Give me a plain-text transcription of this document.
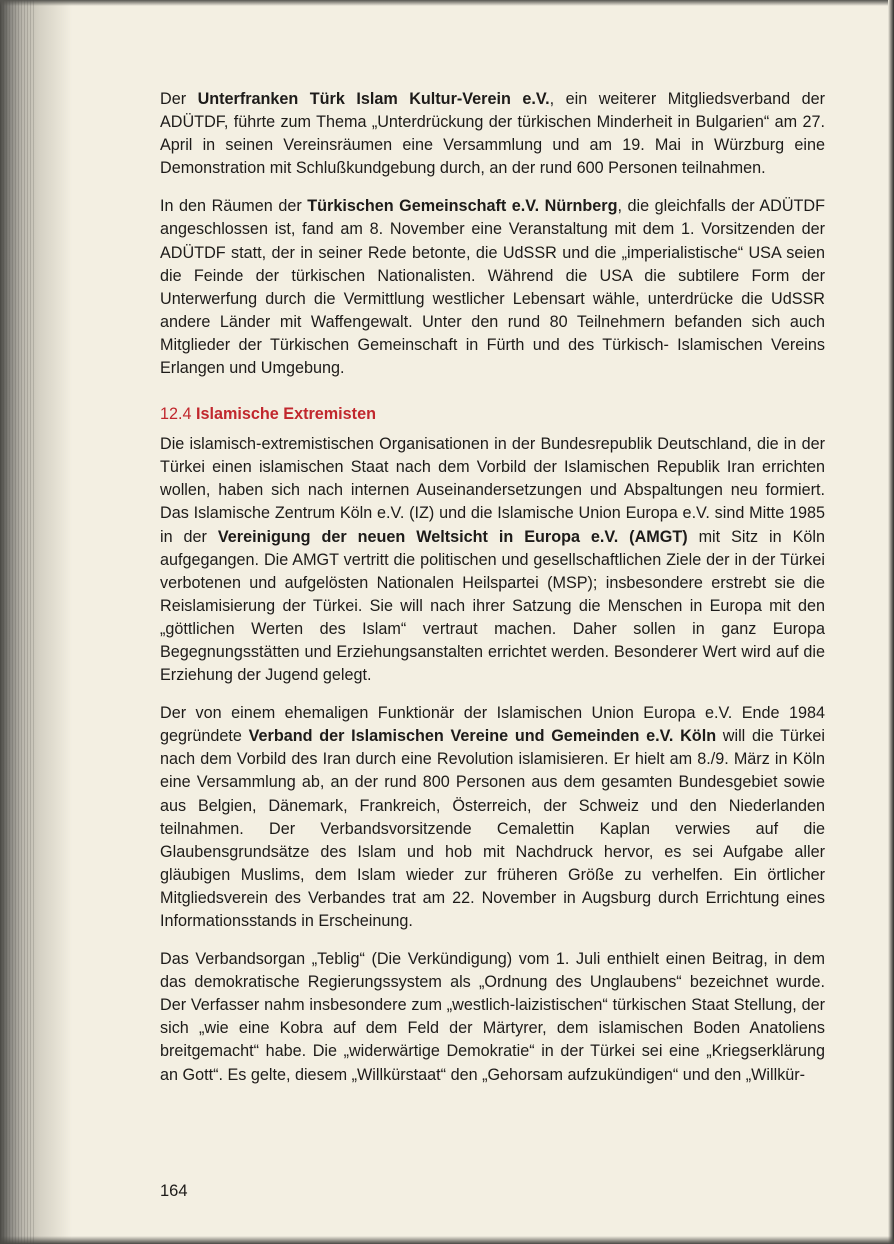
Der Unterfranken Türk Islam Kultur-Verein e.V., ein weiterer Mitgliedsverband der ADÜTDF, führte zum Thema „Unterdrückung der türkischen Minderheit in Bulgarien“ am 27. April in seinen Vereinsräumen eine Versammlung und am 19. Mai in Würzburg eine Demonstration mit Schlußkundgebung durch, an der rund 600 Personen teilnahmen.

In den Räumen der Türkischen Gemeinschaft e.V. Nürnberg, die gleichfalls der ADÜTDF angeschlossen ist, fand am 8. November eine Veranstaltung mit dem 1. Vorsitzenden der ADÜTDF statt, der in seiner Rede betonte, die UdSSR und die „imperialistische“ USA seien die Feinde der türkischen Nationalisten. Während die USA die subtilere Form der Unterwerfung durch die Vermittlung westlicher Lebensart wähle, unterdrücke die UdSSR andere Länder mit Waffengewalt. Unter den rund 80 Teilnehmern befanden sich auch Mitglieder der Türkischen Gemeinschaft in Fürth und des Türkisch- Islamischen Vereins Erlangen und Umgebung.

12.4 Islamische Extremisten

Die islamisch-extremistischen Organisationen in der Bundesrepublik Deutschland, die in der Türkei einen islamischen Staat nach dem Vorbild der Islamischen Republik Iran errichten wollen, haben sich nach internen Auseinandersetzungen und Abspaltungen neu formiert. Das Islamische Zentrum Köln e.V. (IZ) und die Islamische Union Europa e.V. sind Mitte 1985 in der Vereinigung der neuen Weltsicht in Europa e.V. (AMGT) mit Sitz in Köln aufgegangen. Die AMGT vertritt die politischen und gesellschaftlichen Ziele der in der Türkei verbotenen und aufgelösten Nationalen Heilspartei (MSP); insbesondere erstrebt sie die Reislamisierung der Türkei. Sie will nach ihrer Satzung die Menschen in Europa mit den „göttlichen Werten des Islam“ vertraut machen. Daher sollen in ganz Europa Begegnungsstätten und Erziehungsanstalten errichtet werden. Besonderer Wert wird auf die Erziehung der Jugend gelegt.

Der von einem ehemaligen Funktionär der Islamischen Union Europa e.V. Ende 1984 gegründete Verband der Islamischen Vereine und Gemeinden e.V. Köln will die Türkei nach dem Vorbild des Iran durch eine Revolution islamisieren. Er hielt am 8./9. März in Köln eine Versammlung ab, an der rund 800 Personen aus dem gesamten Bundesgebiet sowie aus Belgien, Dänemark, Frankreich, Österreich, der Schweiz und den Niederlanden teilnahmen. Der Verbandsvorsitzende Cemalettin Kaplan verwies auf die Glaubensgrundsätze des Islam und hob mit Nachdruck hervor, es sei Aufgabe aller gläubigen Muslims, dem Islam wieder zur früheren Größe zu verhelfen. Ein örtlicher Mitgliedsverein des Verbandes trat am 22. November in Augsburg durch Errichtung eines Informationsstands in Erscheinung.

Das Verbandsorgan „Teblig“ (Die Verkündigung) vom 1. Juli enthielt einen Beitrag, in dem das demokratische Regierungssystem als „Ordnung des Unglaubens“ bezeichnet wurde. Der Verfasser nahm insbesondere zum „westlich-laizistischen“ türkischen Staat Stellung, der sich „wie eine Kobra auf dem Feld der Märtyrer, dem islamischen Boden Anatoliens breitgemacht“ habe. Die „widerwärtige Demokratie“ in der Türkei sei eine „Kriegserklärung an Gott“. Es gelte, diesem „Willkürstaat“ den „Gehorsam aufzukündigen“ und den „Willkür-

164
